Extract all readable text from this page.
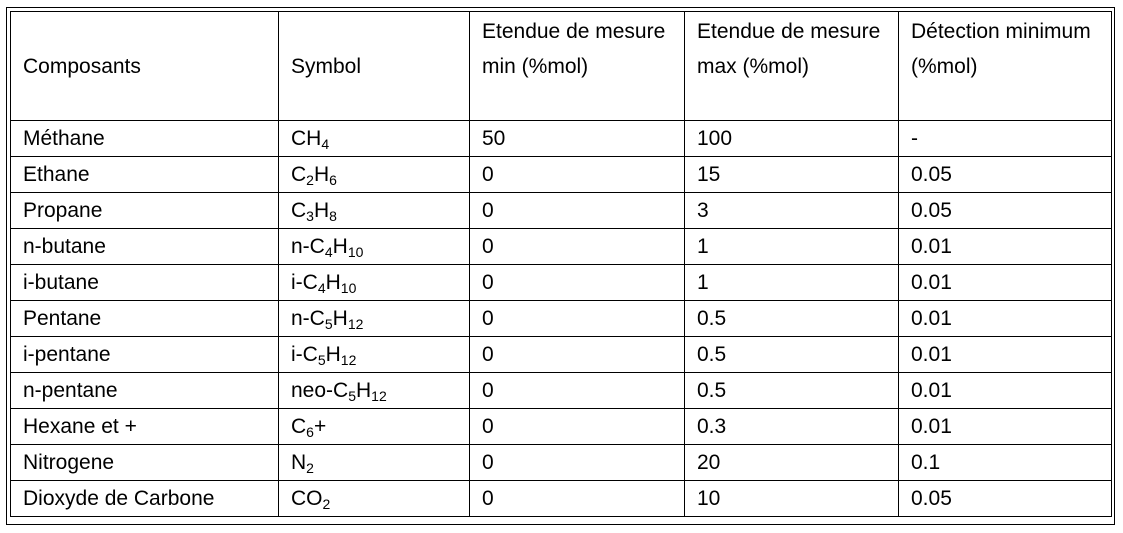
Composants	Symbol	Etendue de mesure min (%mol)	Etendue de mesure max (%mol)	Détection minimum (%mol)
Méthane	CH4	50	100	-
Ethane	C2H6	0	15	0.05
Propane	C3H8	0	3	0.05
n-butane	n-C4H10	0	1	0.01
i-butane	i-C4H10	0	1	0.01
Pentane	n-C5H12	0	0.5	0.01
i-pentane	i-C5H12	0	0.5	0.01
n-pentane	neo-C5H12	0	0.5	0.01
Hexane et +	C6+	0	0.3	0.01
Nitrogene	N2	0	20	0.1
Dioxyde de Carbone	CO2	0	10	0.05
